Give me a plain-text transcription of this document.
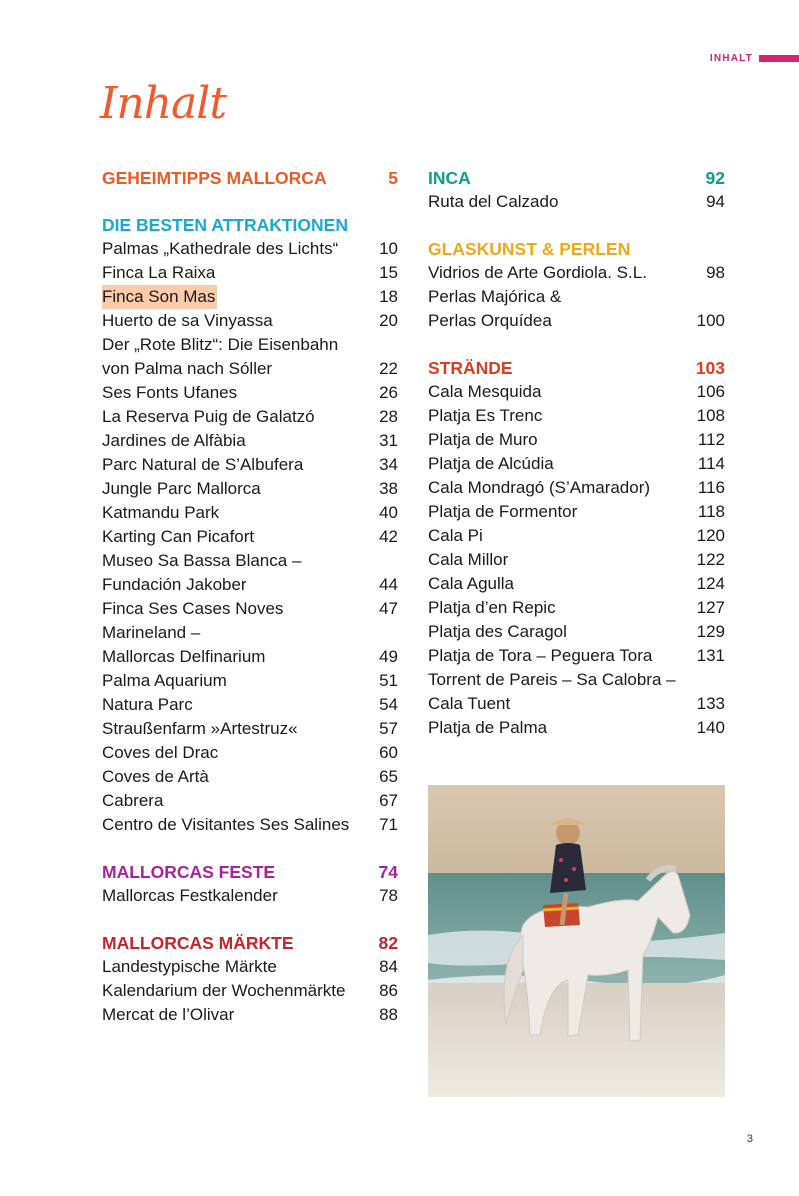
INHALT
Inhalt
GEHEIMTIPPS MALLORCA	5
DIE BESTEN ATTRAKTIONEN
Palmas „Kathedrale des Lichts“ 10
Finca La Raixa	15
Finca Son Mas	18
Huerto de sa Vinyassa	20
Der „Rote Blitz“: Die Eisenbahn
von Palma nach Sóller	22
Ses Fonts Ufanes	26
La Reserva Puig de Galatzó	28
Jardines de Alfàbia	31
Parc Natural de S’Albufera	34
Jungle Parc Mallorca	38
Katmandu Park	40
Karting Can Picafort	42
Museo Sa Bassa Blanca –
Fundación Jakober	44
Finca Ses Cases Noves	47
Marineland –
Mallorcas Delfinarium	49
Palma Aquarium	51
Natura Parc	54
Straußenfarm »Artestruz«	57
Coves del Drac	60
Coves de Artà	65
Cabrera	67
Centro de Visitantes Ses Salines 71
MALLORCAS FESTE	74
Mallorcas Festkalender	78
MALLORCAS MÄRKTE	82
Landestypische Märkte	84
Kalendarium der Wochenmärkte 86
Mercat de l’Olivar	88
INCA	92
Ruta del Calzado	94
GLASKUNST & PERLEN
Vidrios de Arte Gordiola. S.L.	98
Perlas Majórica &
Perlas Orquídea	100
STRÄNDE	103
Cala Mesquida	106
Platja Es Trenc	108
Platja de Muro	112
Platja de Alcúdia	114
Cala Mondragó (S’Amarador)	116
Platja de Formentor	118
Cala Pi	120
Cala Millor	122
Cala Agulla	124
Platja d’en Repic	127
Platja des Caragol	129
Platja de Tora – Peguera Tora	131
Torrent de Pareis – Sa Calobra –
Cala Tuent	133
Platja de Palma	140
3
